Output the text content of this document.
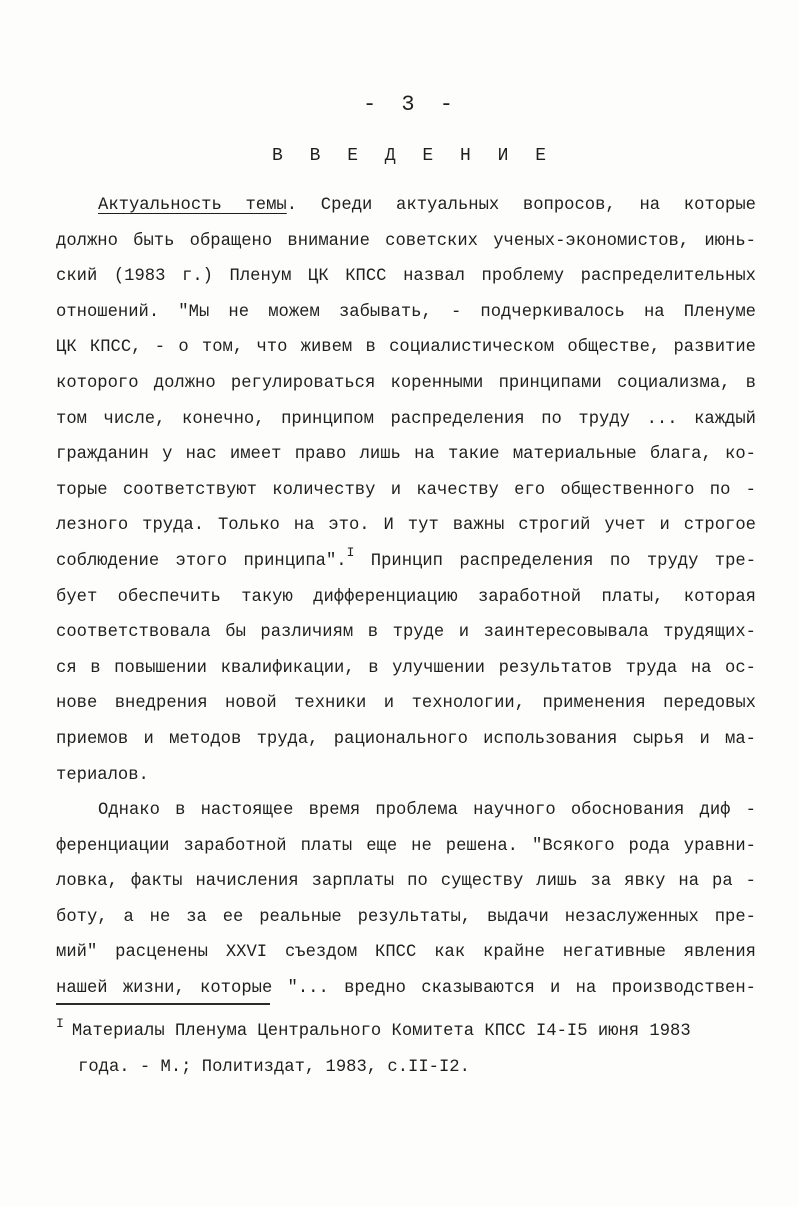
- 3 -
В В Е Д Е Н И Е
Актуальность темы. Среди актуальных вопросов, на которые
должно быть обращено внимание советских ученых-экономистов, июнь-
ский (1983 г.) Пленум ЦК КПСС назвал проблему распределительных
отношений. "Мы не можем забывать, - подчеркивалось на Пленуме
ЦК КПСС, - о том, что живем в социалистическом обществе, развитие
которого должно регулироваться коренными принципами социализма, в
том числе, конечно, принципом распределения по труду ... каждый
гражданин у нас имеет право лишь на такие материальные блага, ко-
торые соответствуют количеству и качеству его общественного по -
лезного труда. Только на это. И тут важны строгий учет и строгое
соблюдение этого принципа".$^I$ Принцип распределения по труду тре-
бует обеспечить такую дифференциацию заработной платы, которая
соответствовала бы различиям в труде и заинтересовывала трудящих-
ся в повышении квалификации, в улучшении результатов труда на ос-
нове внедрения новой техники и технологии, применения передовых
приемов и методов труда, рационального использования сырья и ма-
териалов.
Однако в настоящее время проблема научного обоснования диф -
ференциации заработной платы еще не решена. "Всякого рода уравни-
ловка, факты начисления зарплаты по существу лишь за явку на ра -
боту, а не за ее реальные результаты, выдачи незаслуженных пре-
мий" расценены XXVI съездом КПСС как крайне негативные явления
нашей жизни, которые "... вредно сказываются и на производствен-
$^I$ Материалы Пленума Центрального Комитета КПСС I4-I5 июня 1983
года. - М.; Политиздат, 1983, с.II-I2.
